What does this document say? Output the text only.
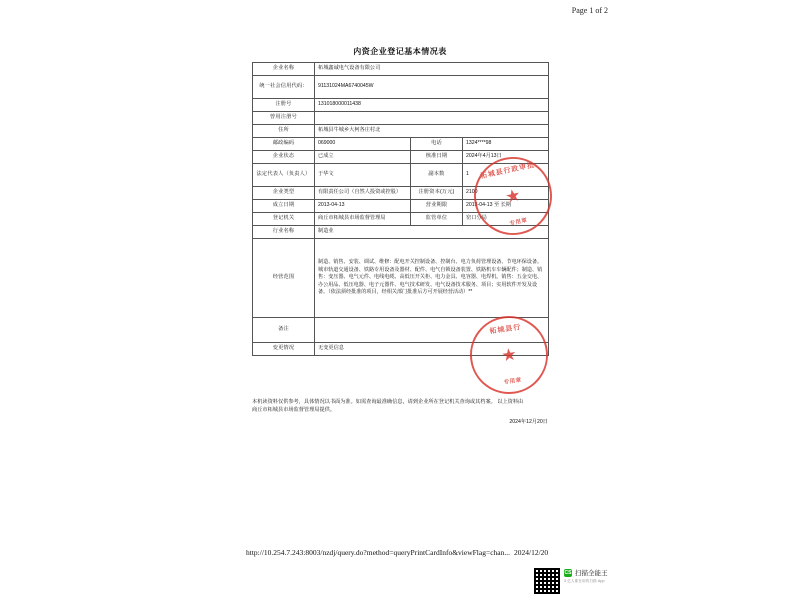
Page 1 of 2
内资企业登记基本情况表
企业名称	柘城鑫诚电气设备有限公司		
统一社会信用代码：	91131024MA6740045W		
注册号	131018000011438		
曾用注册号			
住所	柘城县牛城乡大柯各庄村北		
邮政编码	069000	电话	1324****98
企业状态	已成立	核准日期	2024年4月13日
法定代表人（负责人）	于华文	副本数	1
企业类型	有限责任公司（自然人投资或控股）	注册资本(万元)	2100
成立日期	2013-04-13	营业期限	2013-04-13 至 长期
登记机关	商丘市柘城县市场监督管理局	监管单位	窑口分局
行业名称	制造业		
经营范围	制造、销售、安装、调试、维修：配电开关控制设备、控制台、电力负荷管理设备、节电环保设备。城市轨道交通设备、铁路专用设备及器材、配件、电气自锁设备装置、铁路机车车辆配件；制造、销售：变压器、电气元件、电线电缆、高低压开关柜、电力金具、电容器、电焊机。销售：五金交电、办公用品、低压电器、电子元器件、电气技术研发、电气设备技术服务、项目；实用软件开发及设备。（依法须经批准的项目，经相关部门批准后方可开展经营活动）**		
备注			
变更情况	无变更信息		
本机读资料仅供参考，具体情况以书面为准。如需查询最准确信息，请到企业所在登记机关查询或其档案。 以上资料由
商丘市柘城县市场监督管理局提供。
2024年12月20日
柘城县行政审批
★
专用章
柘城县行
★
专用章
http://10.254.7.243:8003/nzdj/query.do?method=queryPrintCardInfo&viewFlag=chan... 2024/12/20
CS 扫描全能王
3 亿人都在用的扫描 App
